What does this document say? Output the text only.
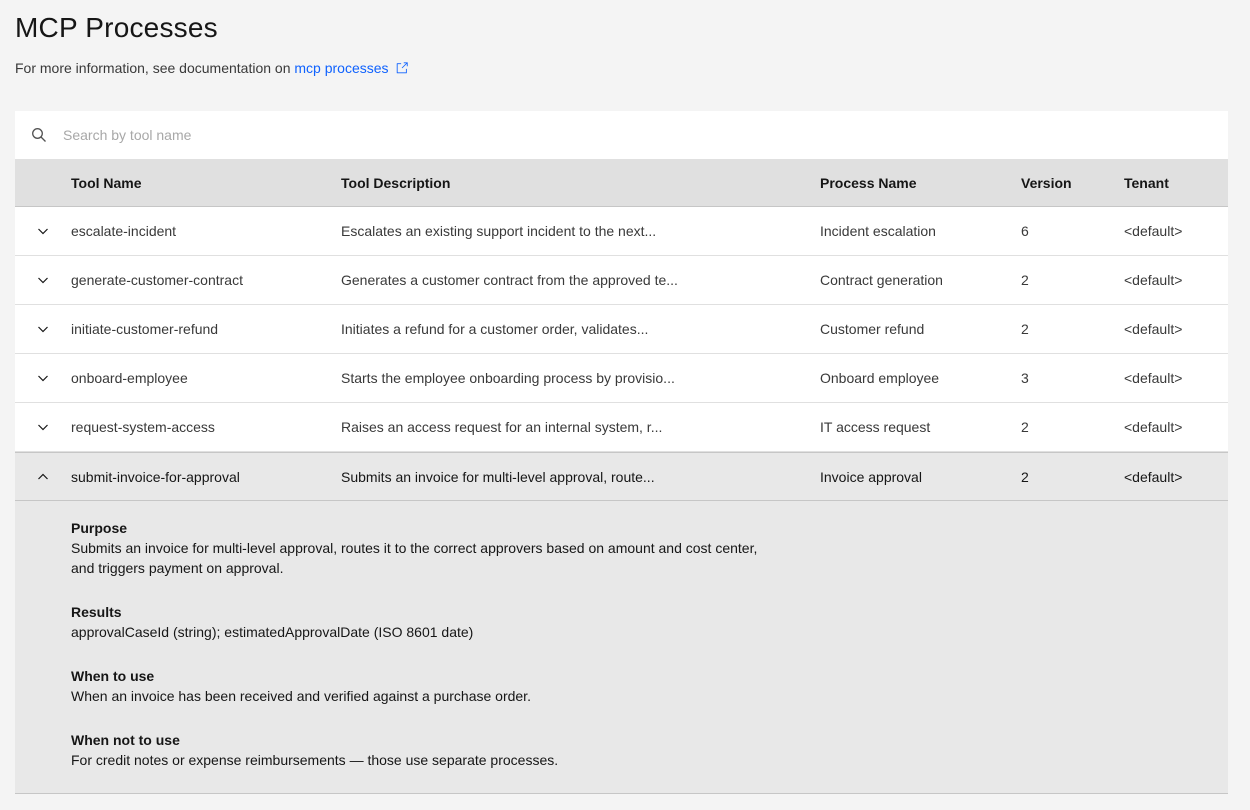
MCP Processes
For more information, see documentation on mcp processes
Search by tool name
Tool Name	Tool Description	Process Name	Version	Tenant
escalate-incident	Escalates an existing support incident to the next...	Incident escalation	6	<default>
generate-customer-contract	Generates a customer contract from the approved te...	Contract generation	2	<default>
initiate-customer-refund	Initiates a refund for a customer order, validates...	Customer refund	2	<default>
onboard-employee	Starts the employee onboarding process by provisio...	Onboard employee	3	<default>
request-system-access	Raises an access request for an internal system, r...	IT access request	2	<default>
submit-invoice-for-approval	Submits an invoice for multi-level approval, route...	Invoice approval	2	<default>
Purpose
Submits an invoice for multi-level approval, routes it to the correct approvers based on amount and cost center, and triggers payment on approval.
Results
approvalCaseId (string); estimatedApprovalDate (ISO 8601 date)
When to use
When an invoice has been received and verified against a purchase order.
When not to use
For credit notes or expense reimbursements — those use separate processes.
